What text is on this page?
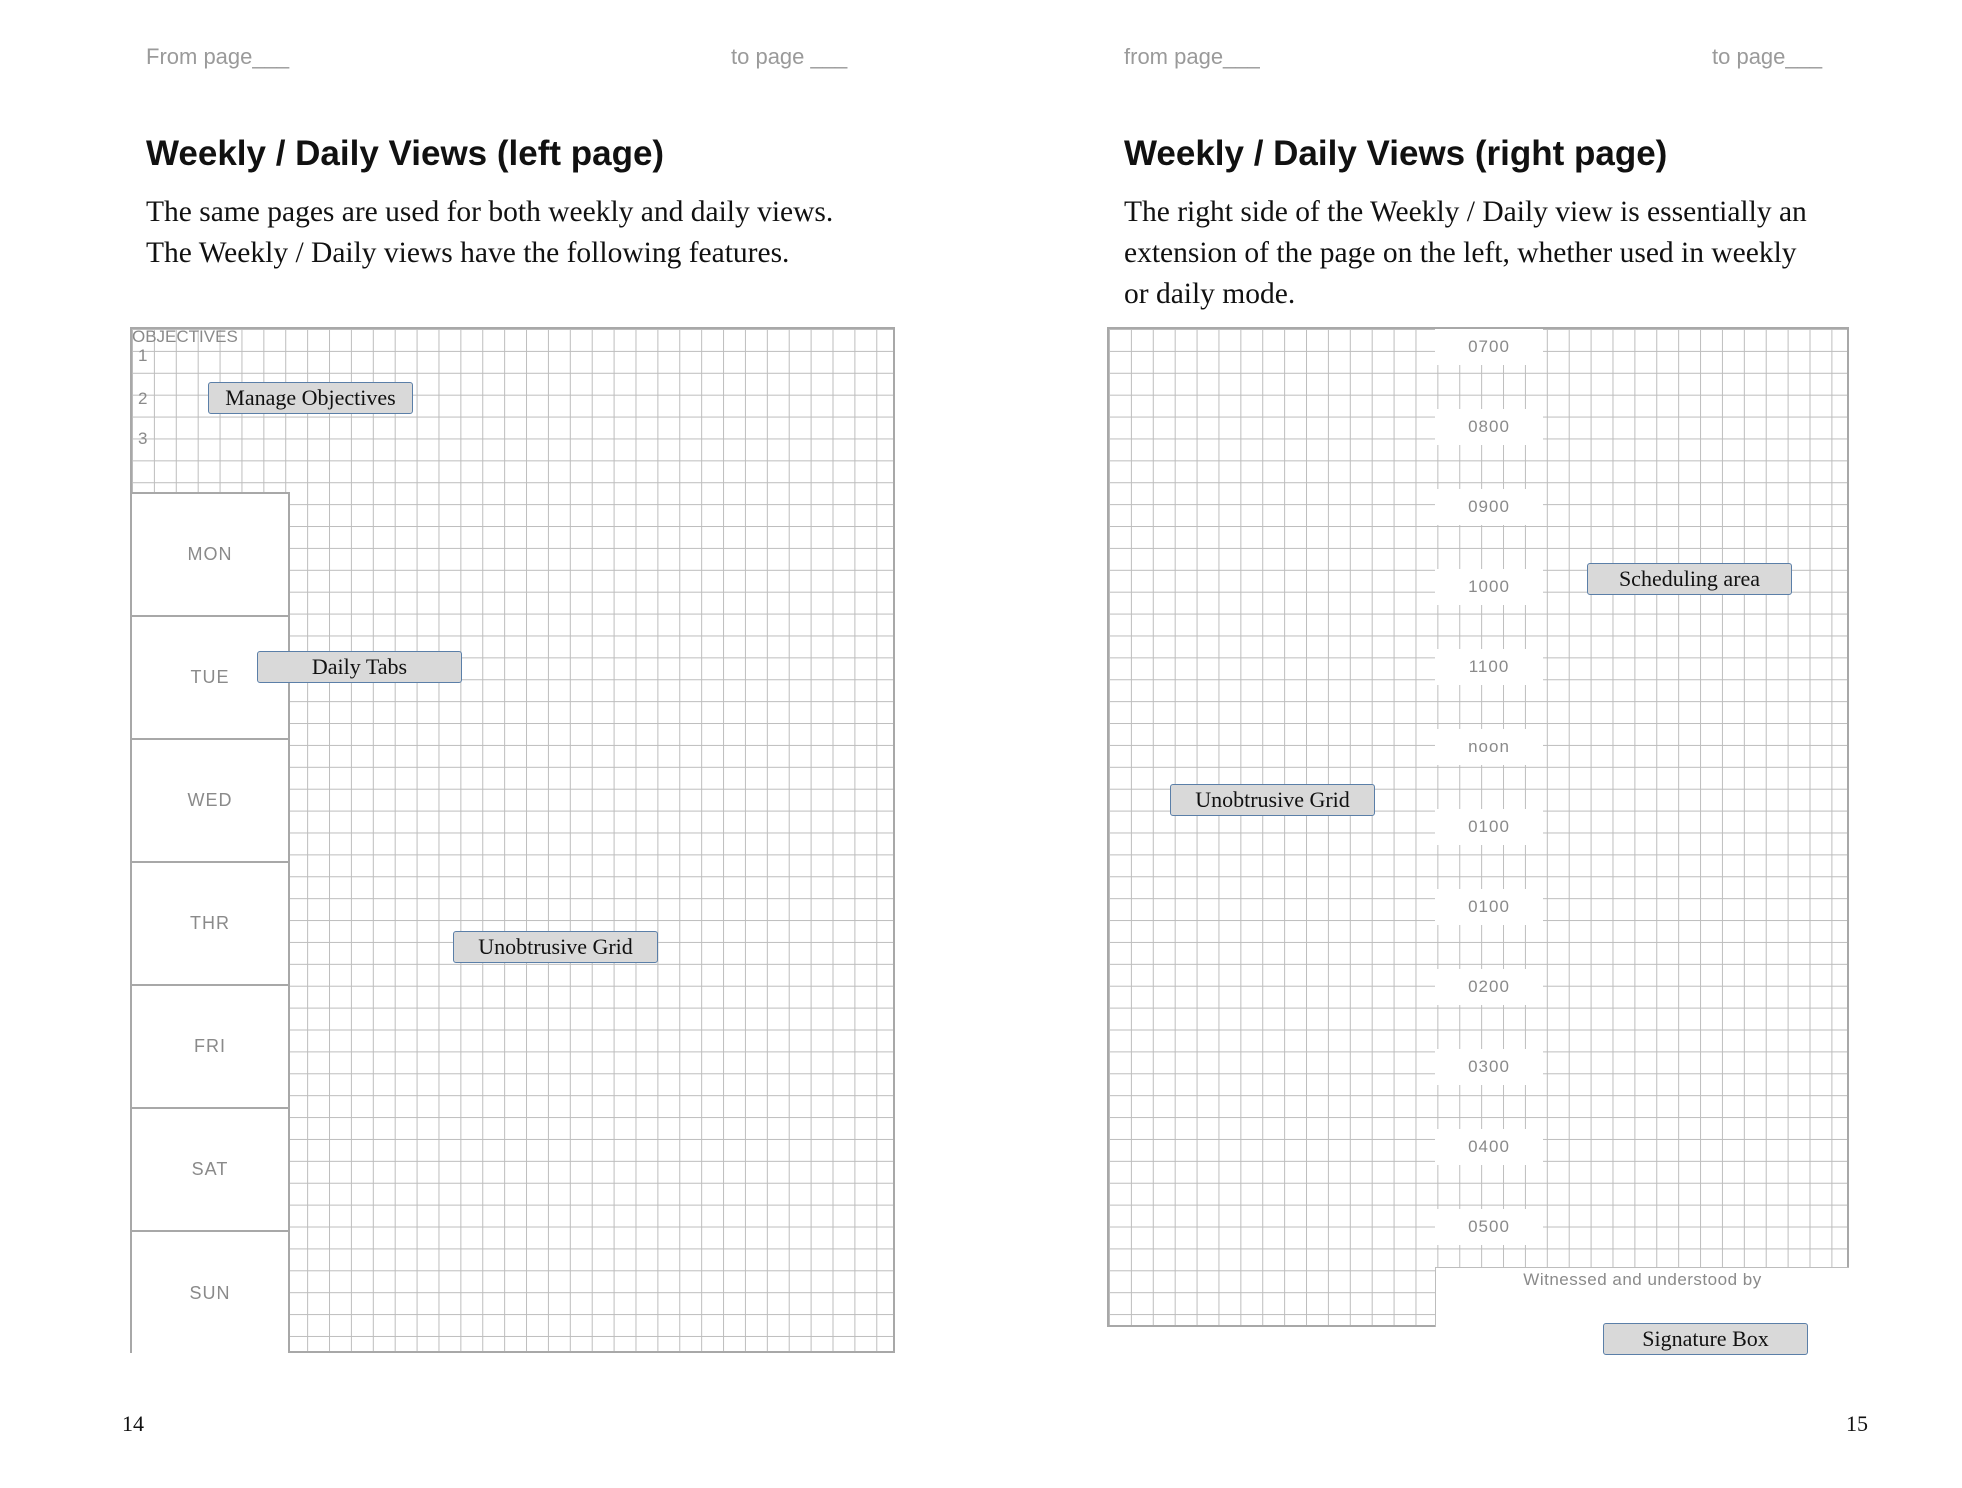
From page___	to page ___
Weekly / Daily Views (left page)

The same pages are used for both weekly and daily views. The Weekly / Daily views have the following features.

OBJECTIVES
1
2
3
MON
TUE
WED
THR
FRI
SAT
SUN
Manage Objectives
Daily Tabs
Unobtrusive Grid
14
from page___	to page___
Weekly / Daily Views (right page)

The right side of the Weekly / Daily view is essentially an extension of the page on the left, whether used in weekly or daily mode.

0700
0800
0900
1000
1100
noon
0100
0100
0200
0300
0400
0500
Witnessed and understood by
Scheduling area
Unobtrusive Grid
Signature Box
15
